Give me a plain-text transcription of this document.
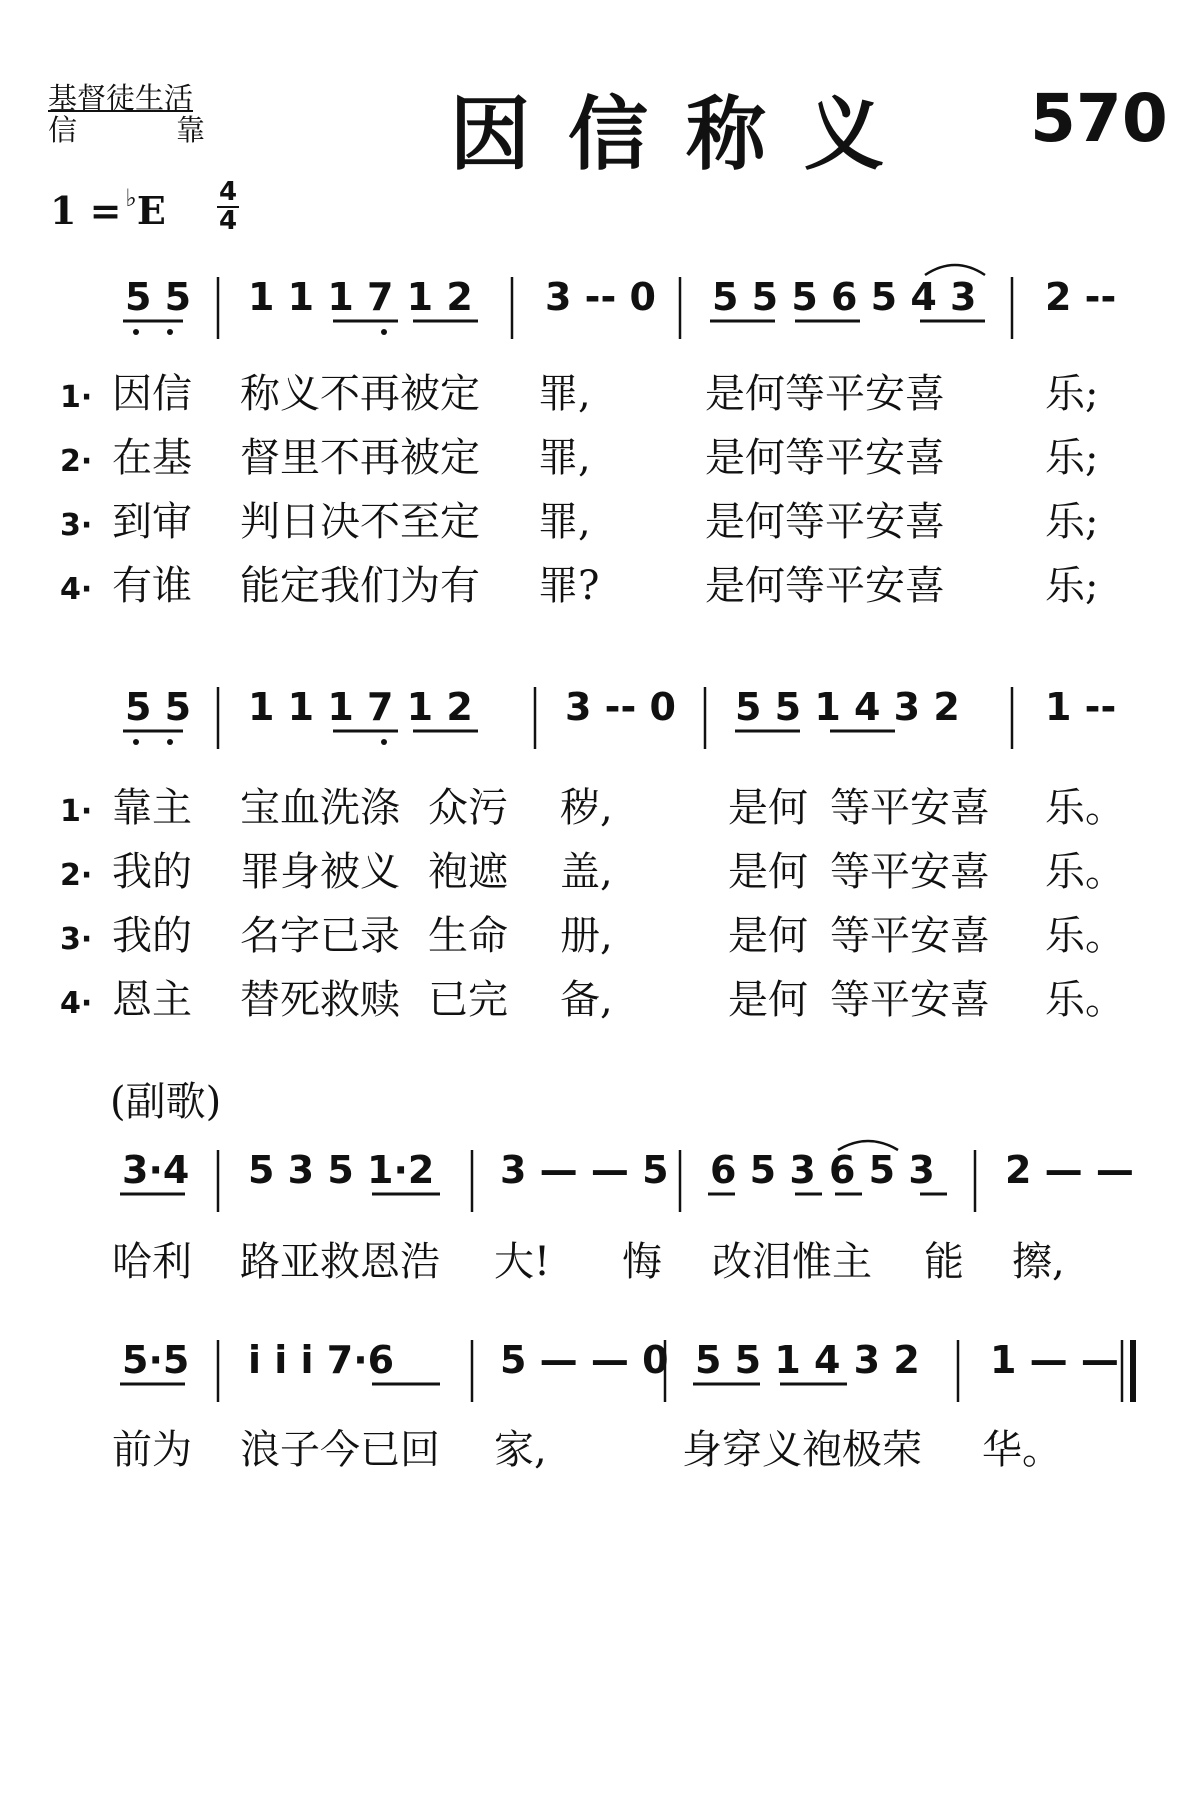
基督徒生活
信	靠	因信称义 570
1 = ♭E 4
4
5 5 1 1 1 7 1 2 3 -- 0 5 5 5 6 5 4 3 2 --
1· 因信 称义不再被定 罪,	是何等平安喜	乐;
2· 在基 督里不再被定 罪,	是何等平安喜	乐;
3· 到审 判日决不至定 罪,	是何等平安喜	乐;
4· 有谁 能定我们为有 罪?	是何等平安喜	乐;
5 5 1 1 1 7 1 2 3 -- 0 5 5 1 4 3 2 1 --
1· 靠主 宝血洗涤 众污 秽,	是何 等平安喜 乐。
2· 我的 罪身被义 袍遮 盖,	是何 等平安喜 乐。
3· 我的 名字已录 生命 册,	是何 等平安喜 乐。
4· 恩主 替死救赎 已完 备,	是何 等平安喜 乐。
(副歌)
3·4 5 3 5 1·2 3 — — 5 6 5 3 6 5 3 2 — —
哈利 路亚救恩浩 大! 悔 改泪惟主 能 擦,
5·5 i i i 7·6	5 — — 0 5 5 1 4 3 2 1 — —
前为 浪子今已回 家,	身穿义袍极荣 华。
